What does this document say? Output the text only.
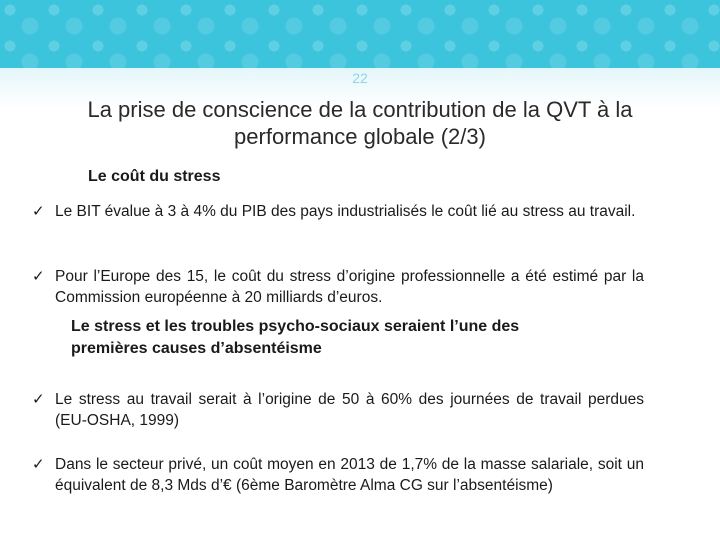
22
La prise de conscience de la contribution de la QVT à la performance globale (2/3)
Le coût du stress
✓ Le BIT évalue à 3 à 4% du PIB des pays industrialisés le coût lié au stress au travail.
✓ Pour l’Europe des 15, le coût du stress d’origine professionnelle a été estimé par la Commission européenne à 20 milliards d’euros.
Le stress et les troubles psycho-sociaux seraient l’une des premières causes d’absentéisme
✓ Le stress au travail serait à l’origine de 50 à 60% des journées de travail perdues (EU-OSHA, 1999)
✓ Dans le secteur privé, un coût moyen en 2013 de 1,7% de la masse salariale, soit un équivalent de 8,3 Mds d’€ (6ème Baromètre Alma CG sur l’absentéisme)
